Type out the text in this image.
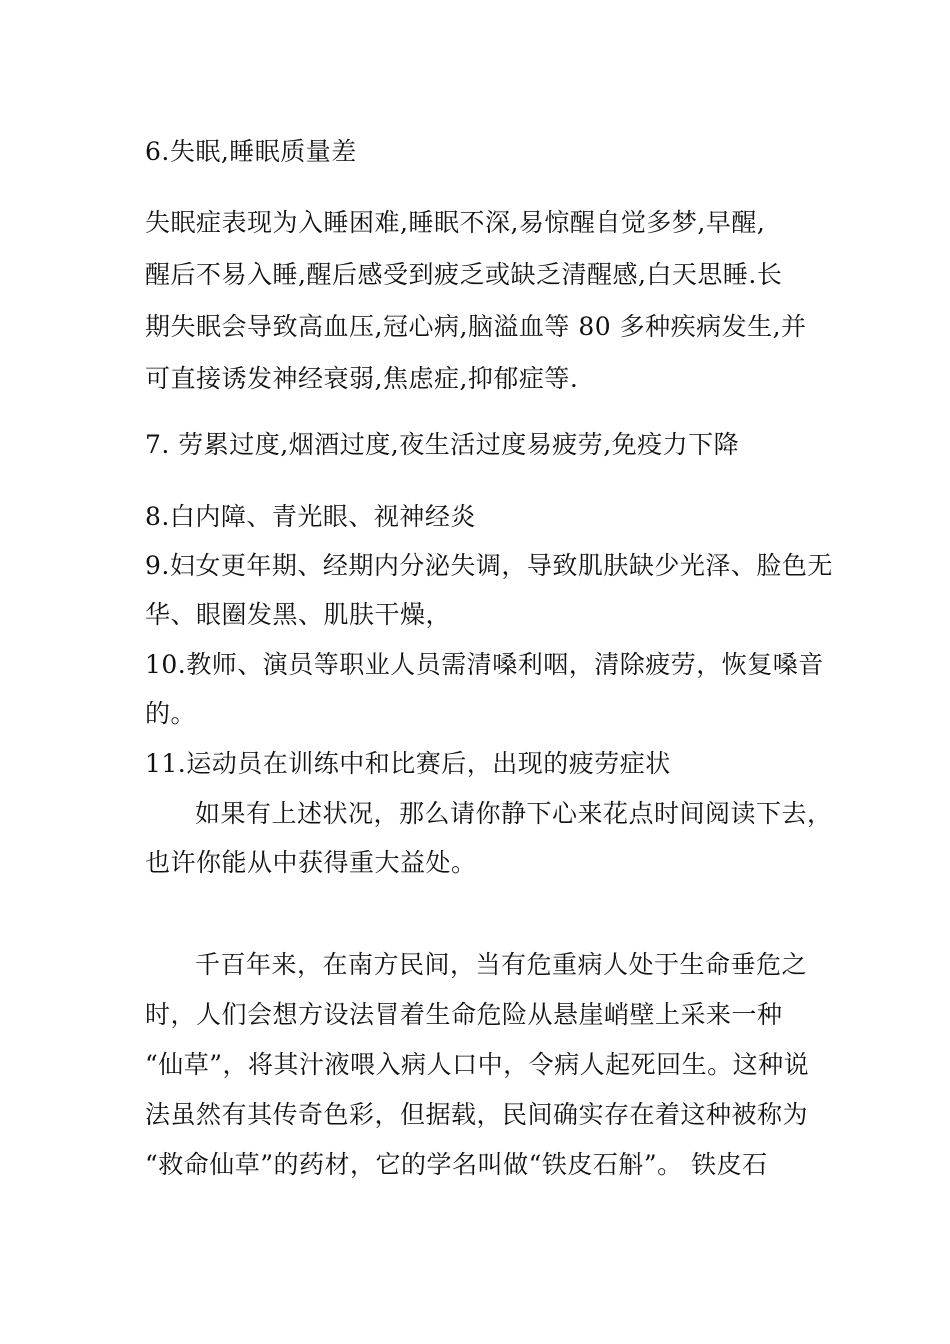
6.失眠,睡眠质量差
失眠症表现为入睡困难,睡眠不深,易惊醒自觉多梦,早醒,
醒后不易入睡,醒后感受到疲乏或缺乏清醒感,白天思睡.长
期失眠会导致高血压,冠心病,脑溢血等 80 多种疾病发生,并
可直接诱发神经衰弱,焦虑症,抑郁症等.
7. 劳累过度,烟酒过度,夜生活过度易疲劳,免疫力下降
8.白内障、青光眼、视神经炎
9.妇女更年期、经期内分泌失调，导致肌肤缺少光泽、脸色无
华、眼圈发黑、肌肤干燥，
10.教师、演员等职业人员需清嗓利咽，清除疲劳，恢复嗓音
的。
11.运动员在训练中和比赛后，出现的疲劳症状
如果有上述状况，那么请你静下心来花点时间阅读下去，
也许你能从中获得重大益处。
千百年来，在南方民间，当有危重病人处于生命垂危之
时，人们会想方设法冒着生命危险从悬崖峭壁上采来一种
“仙草”，将其汁液喂入病人口中，令病人起死回生。这种说
法虽然有其传奇色彩，但据载，民间确实存在着这种被称为
“救命仙草”的药材，它的学名叫做“铁皮石斛”。 铁皮石
